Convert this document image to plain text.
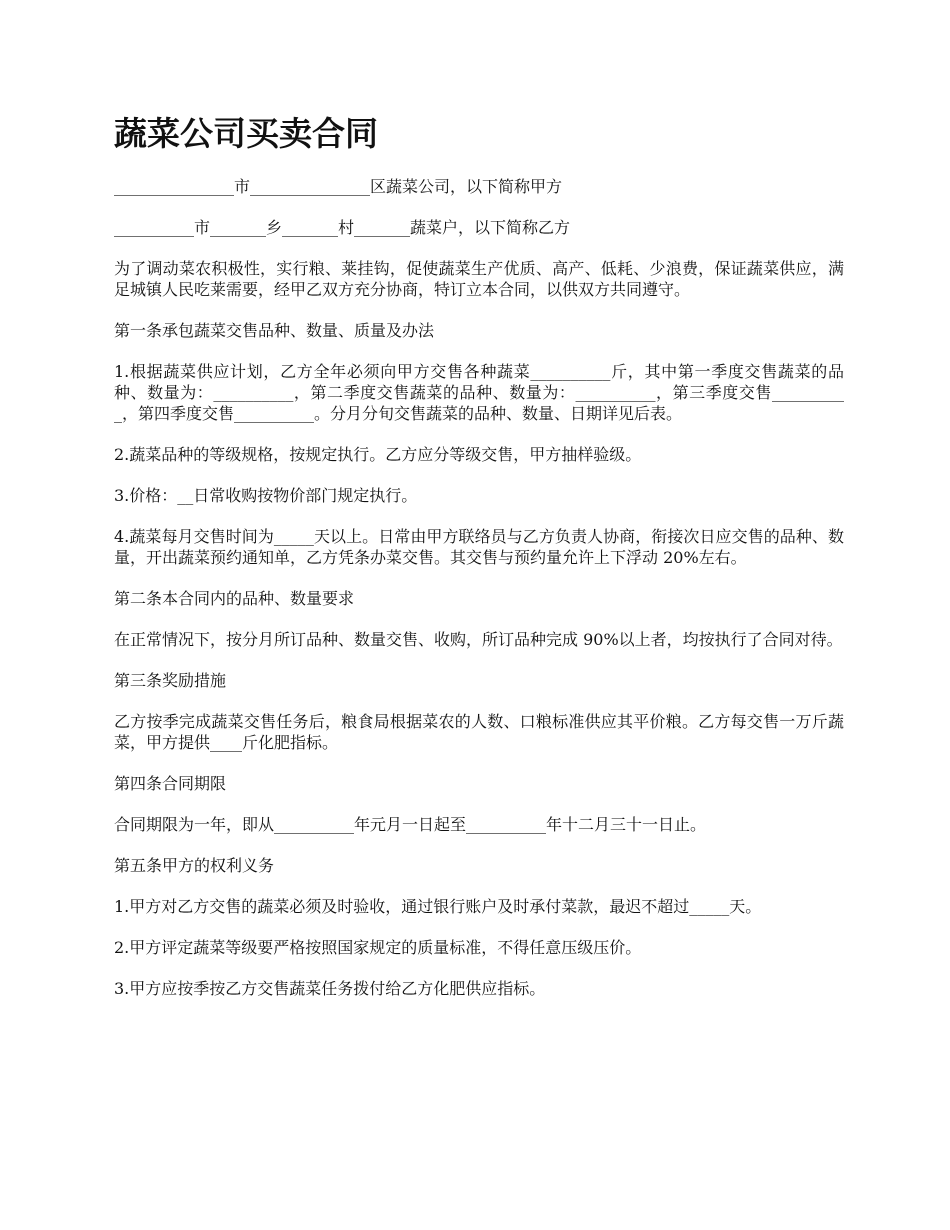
蔬菜公司买卖合同

_______________市_______________区蔬菜公司，以下简称甲方

__________市_______乡_______村_______蔬菜户，以下简称乙方

为了调动菜农积极性，实行粮、莱挂钩，促使蔬菜生产优质、高产、低耗、少浪费，保证蔬菜供应，满足城镇人民吃莱需要，经甲乙双方充分协商，特订立本合同，以供双方共同遵守。

第一条承包蔬菜交售品种、数量、质量及办法

1.根据蔬菜供应计划，乙方全年必须向甲方交售各种蔬菜__________斤，其中第一季度交售蔬菜的品种、数量为：__________，第二季度交售蔬菜的品种、数量为：__________，第三季度交售__________，第四季度交售__________。分月分旬交售蔬菜的品种、数量、日期详见后表。

2.蔬菜品种的等级规格，按规定执行。乙方应分等级交售，甲方抽样验级。

3.价格：__日常收购按物价部门规定执行。

4.蔬菜每月交售时间为_____天以上。日常由甲方联络员与乙方负责人协商，衔接次日应交售的品种、数量，开出蔬菜预约通知单，乙方凭条办菜交售。其交售与预约量允许上下浮动 20%左右。

第二条本合同内的品种、数量要求

在正常情况下，按分月所订品种、数量交售、收购，所订品种完成 90%以上者，均按执行了合同对待。

第三条奖励措施

乙方按季完成蔬菜交售任务后，粮食局根据菜农的人数、口粮标准供应其平价粮。乙方每交售一万斤蔬菜，甲方提供____斤化肥指标。

第四条合同期限

合同期限为一年，即从__________年元月一日起至__________年十二月三十一日止。

第五条甲方的权利义务

1.甲方对乙方交售的蔬菜必须及时验收，通过银行账户及时承付菜款，最迟不超过_____天。

2.甲方评定蔬菜等级要严格按照国家规定的质量标准，不得任意压级压价。

3.甲方应按季按乙方交售蔬菜任务拨付给乙方化肥供应指标。
